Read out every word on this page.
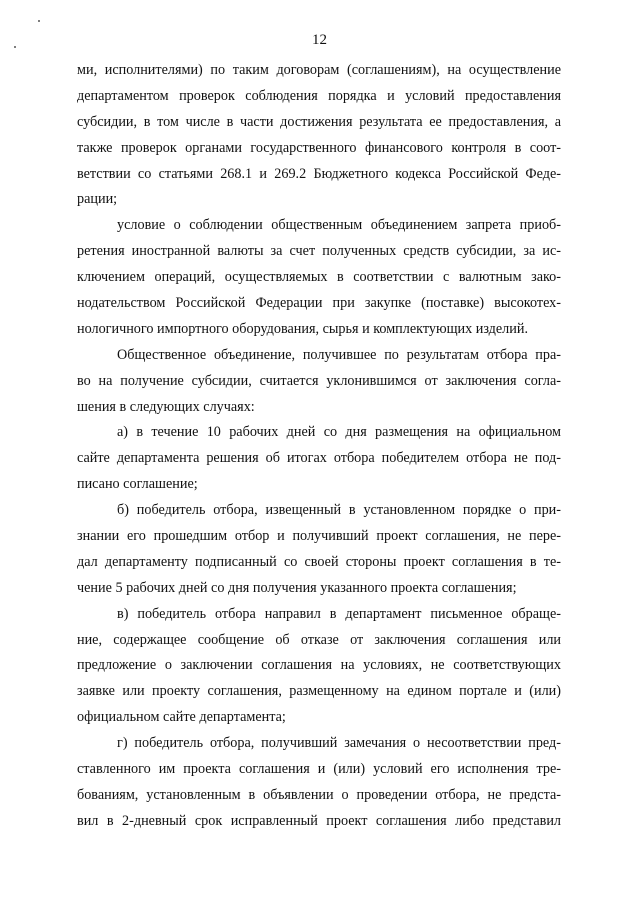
12
ми, исполнителями) по таким договорам (соглашениям), на осуществление
департаментом проверок соблюдения порядка и условий предоставления
субсидии, в том числе в части достижения результата ее предоставления, а
также проверок органами государственного финансового контроля в соот-
ветствии со статьями 268.1 и 269.2 Бюджетного кодекса Российской Феде-
рации;
условие о соблюдении общественным объединением запрета приоб-
ретения иностранной валюты за счет полученных средств субсидии, за ис-
ключением операций, осуществляемых в соответствии с валютным зако-
нодательством Российской Федерации при закупке (поставке) высокотех-
нологичного импортного оборудования, сырья и комплектующих изделий.
Общественное объединение, получившее по результатам отбора пра-
во на получение субсидии, считается уклонившимся от заключения согла-
шения в следующих случаях:
а) в течение 10 рабочих дней со дня размещения на официальном
сайте департамента решения об итогах отбора победителем отбора не под-
писано соглашение;
б) победитель отбора, извещенный в установленном порядке о при-
знании его прошедшим отбор и получивший проект соглашения, не пере-
дал департаменту подписанный со своей стороны проект соглашения в те-
чение 5 рабочих дней со дня получения указанного проекта соглашения;
в) победитель отбора направил в департамент письменное обраще-
ние, содержащее сообщение об отказе от заключения соглашения или
предложение о заключении соглашения на условиях, не соответствующих
заявке или проекту соглашения, размещенному на едином портале и (или)
официальном сайте департамента;
г) победитель отбора, получивший замечания о несоответствии пред-
ставленного им проекта соглашения и (или) условий его исполнения тре-
бованиям, установленным в объявлении о проведении отбора, не предста-
вил в 2-дневный срок исправленный проект соглашения либо представил
